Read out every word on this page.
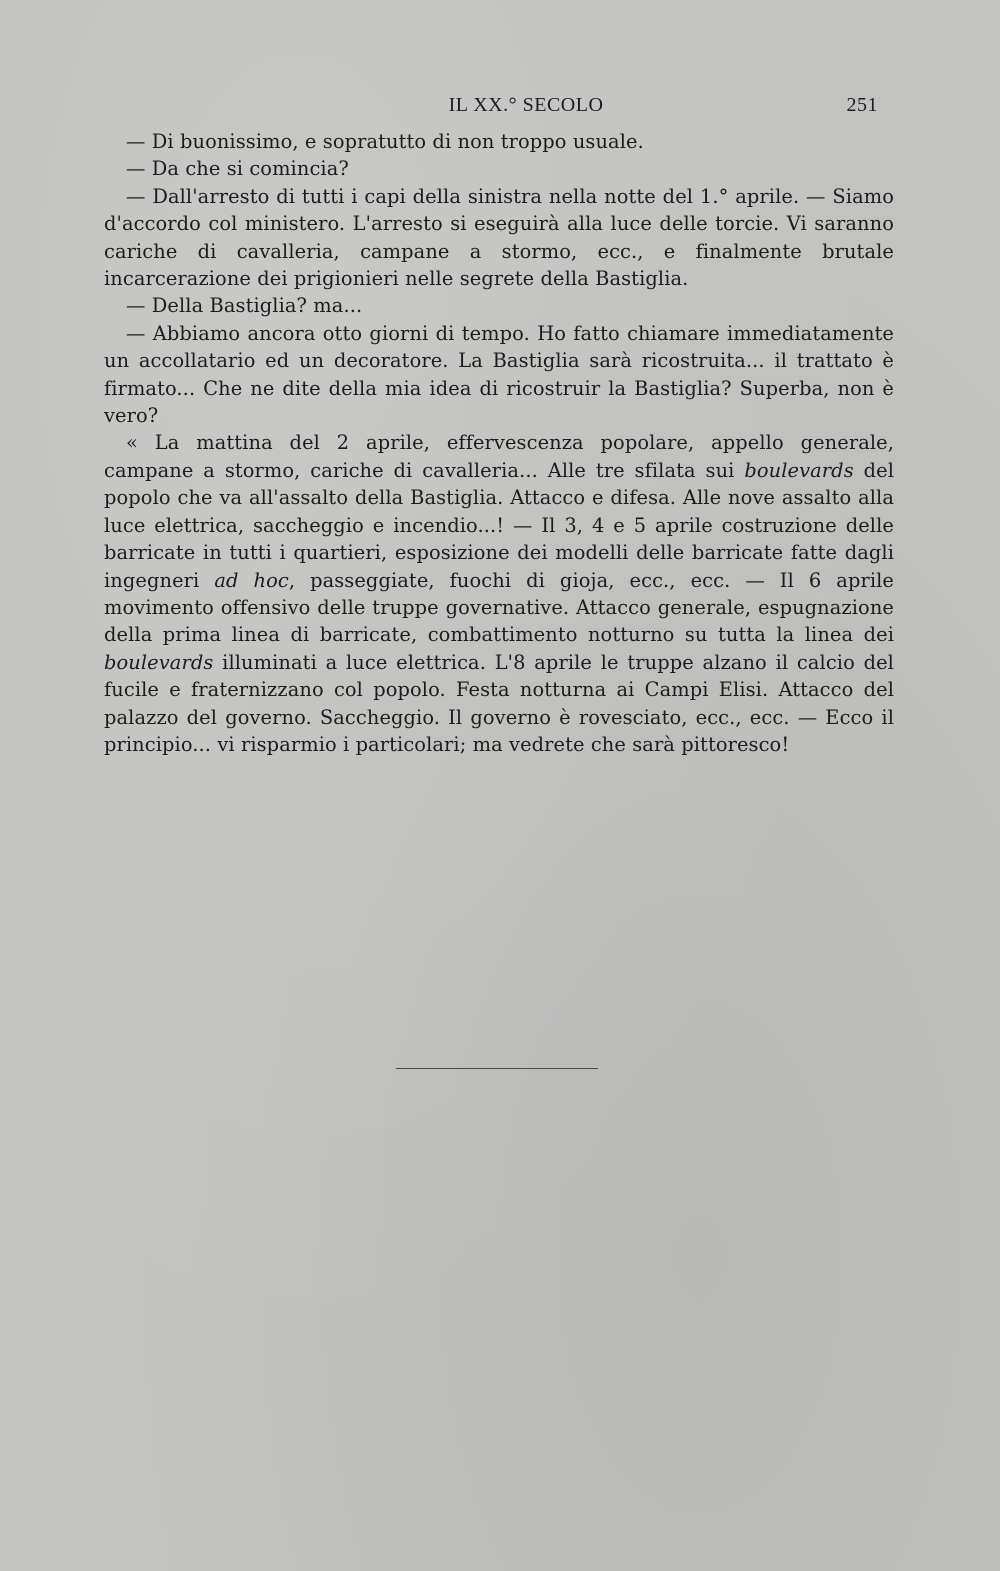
IL XX.° SECOLO	251

— Di buonissimo, e sopratutto di non troppo usuale.

— Da che si comincia?

— Dall'arresto di tutti i capi della sinistra nella notte del 1.° aprile. — Siamo d'accordo col ministero. L'arresto si eseguirà alla luce delle torcie. Vi saranno cariche di cavalleria, campane a stormo, ecc., e finalmente brutale incarcerazione dei prigionieri nelle segrete della Bastiglia.

— Della Bastiglia? ma...

— Abbiamo ancora otto giorni di tempo. Ho fatto chiamare immediatamente un accollatario ed un decoratore. La Bastiglia sarà ricostruita... il trattato è firmato... Che ne dite della mia idea di ricostruir la Bastiglia? Superba, non è vero?

« La mattina del 2 aprile, effervescenza popolare, appello generale, campane a stormo, cariche di cavalleria... Alle tre sfilata sui boulevards del popolo che va all'assalto della Bastiglia. Attacco e difesa. Alle nove assalto alla luce elettrica, saccheggio e incendio...! — Il 3, 4 e 5 aprile costruzione delle barricate in tutti i quartieri, esposizione dei modelli delle barricate fatte dagli ingegneri ad hoc, passeggiate, fuochi di gioja, ecc., ecc. — Il 6 aprile movimento offensivo delle truppe governative. Attacco generale, espugnazione della prima linea di barricate, combattimento notturno su tutta la linea dei boulevards illuminati a luce elettrica. L'8 aprile le truppe alzano il calcio del fucile e fraternizzano col popolo. Festa notturna ai Campi Elisi. Attacco del palazzo del governo. Saccheggio. Il governo è rovesciato, ecc., ecc. — Ecco il principio... vi risparmio i particolari; ma vedrete che sarà pittoresco!
